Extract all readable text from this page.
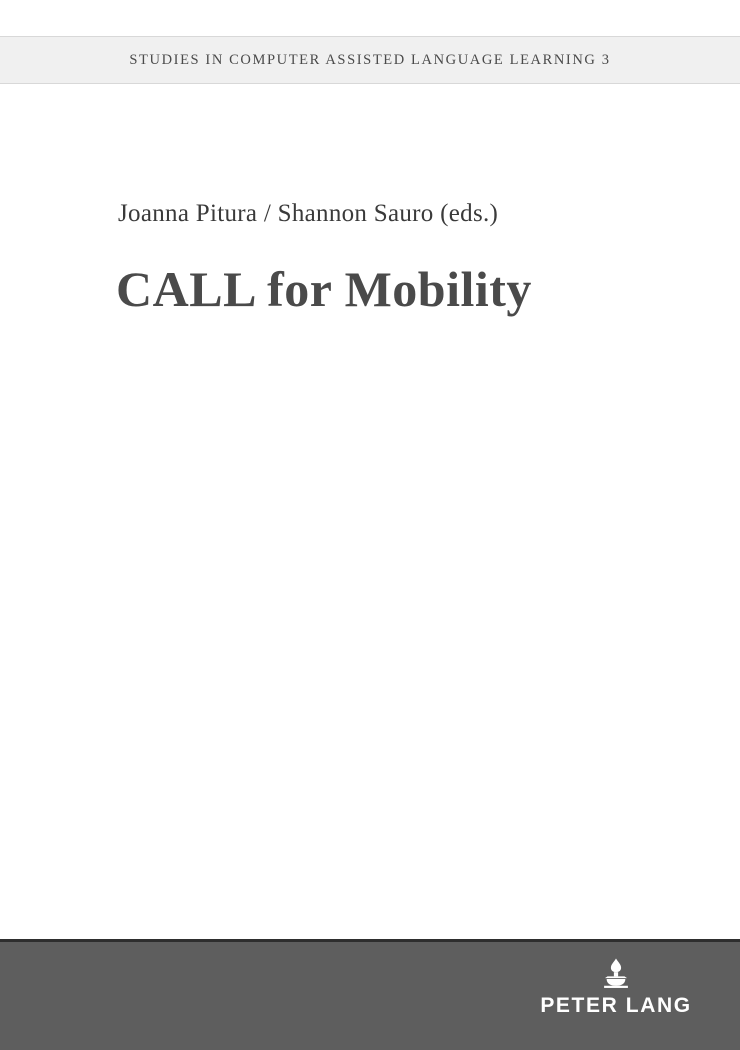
STUDIES IN COMPUTER ASSISTED LANGUAGE LEARNING 3
Joanna Pitura / Shannon Sauro (eds.)
CALL for Mobility
PETER LANG
